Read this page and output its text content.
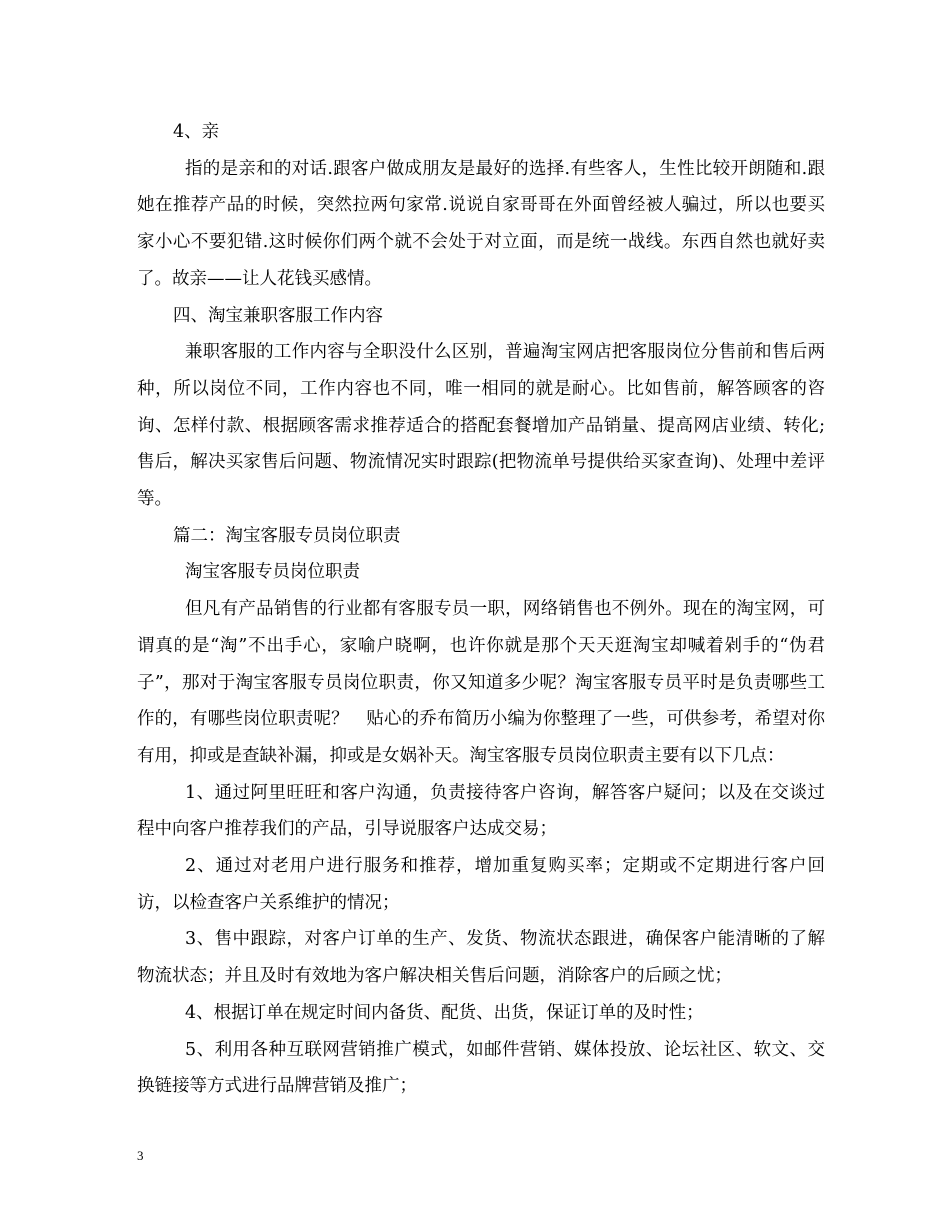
4、亲

指的是亲和的对话.跟客户做成朋友是最好的选择.有些客人，生性比较开朗随和.跟她在推荐产品的时候，突然拉两句家常.说说自家哥哥在外面曾经被人骗过，所以也要买家小心不要犯错.这时候你们两个就不会处于对立面，而是统一战线。东西自然也就好卖了。故亲——让人花钱买感情。

四、淘宝兼职客服工作内容

兼职客服的工作内容与全职没什么区别，普遍淘宝网店把客服岗位分售前和售后两种，所以岗位不同，工作内容也不同，唯一相同的就是耐心。比如售前，解答顾客的咨询、怎样付款、根据顾客需求推荐适合的搭配套餐增加产品销量、提高网店业绩、转化;售后，解决买家售后问题、物流情况实时跟踪(把物流单号提供给买家查询)、处理中差评等。

篇二：淘宝客服专员岗位职责

淘宝客服专员岗位职责

但凡有产品销售的行业都有客服专员一职，网络销售也不例外。现在的淘宝网，可谓真的是“淘”不出手心，家喻户晓啊，也许你就是那个天天逛淘宝却喊着剁手的“伪君子”，那对于淘宝客服专员岗位职责，你又知道多少呢？淘宝客服专员平时是负责哪些工作的，有哪些岗位职责呢？　贴心的乔布简历小编为你整理了一些，可供参考，希望对你有用，抑或是查缺补漏，抑或是女娲补天。淘宝客服专员岗位职责主要有以下几点：

1、通过阿里旺旺和客户沟通，负责接待客户咨询，解答客户疑问；以及在交谈过程中向客户推荐我们的产品，引导说服客户达成交易；

2、通过对老用户进行服务和推荐，增加重复购买率；定期或不定期进行客户回访，以检查客户关系维护的情况；

3、售中跟踪，对客户订单的生产、发货、物流状态跟进，确保客户能清晰的了解物流状态；并且及时有效地为客户解决相关售后问题，消除客户的后顾之忧；

4、根据订单在规定时间内备货、配货、出货，保证订单的及时性；

5、利用各种互联网营销推广模式，如邮件营销、媒体投放、论坛社区、软文、交换链接等方式进行品牌营销及推广；

3
